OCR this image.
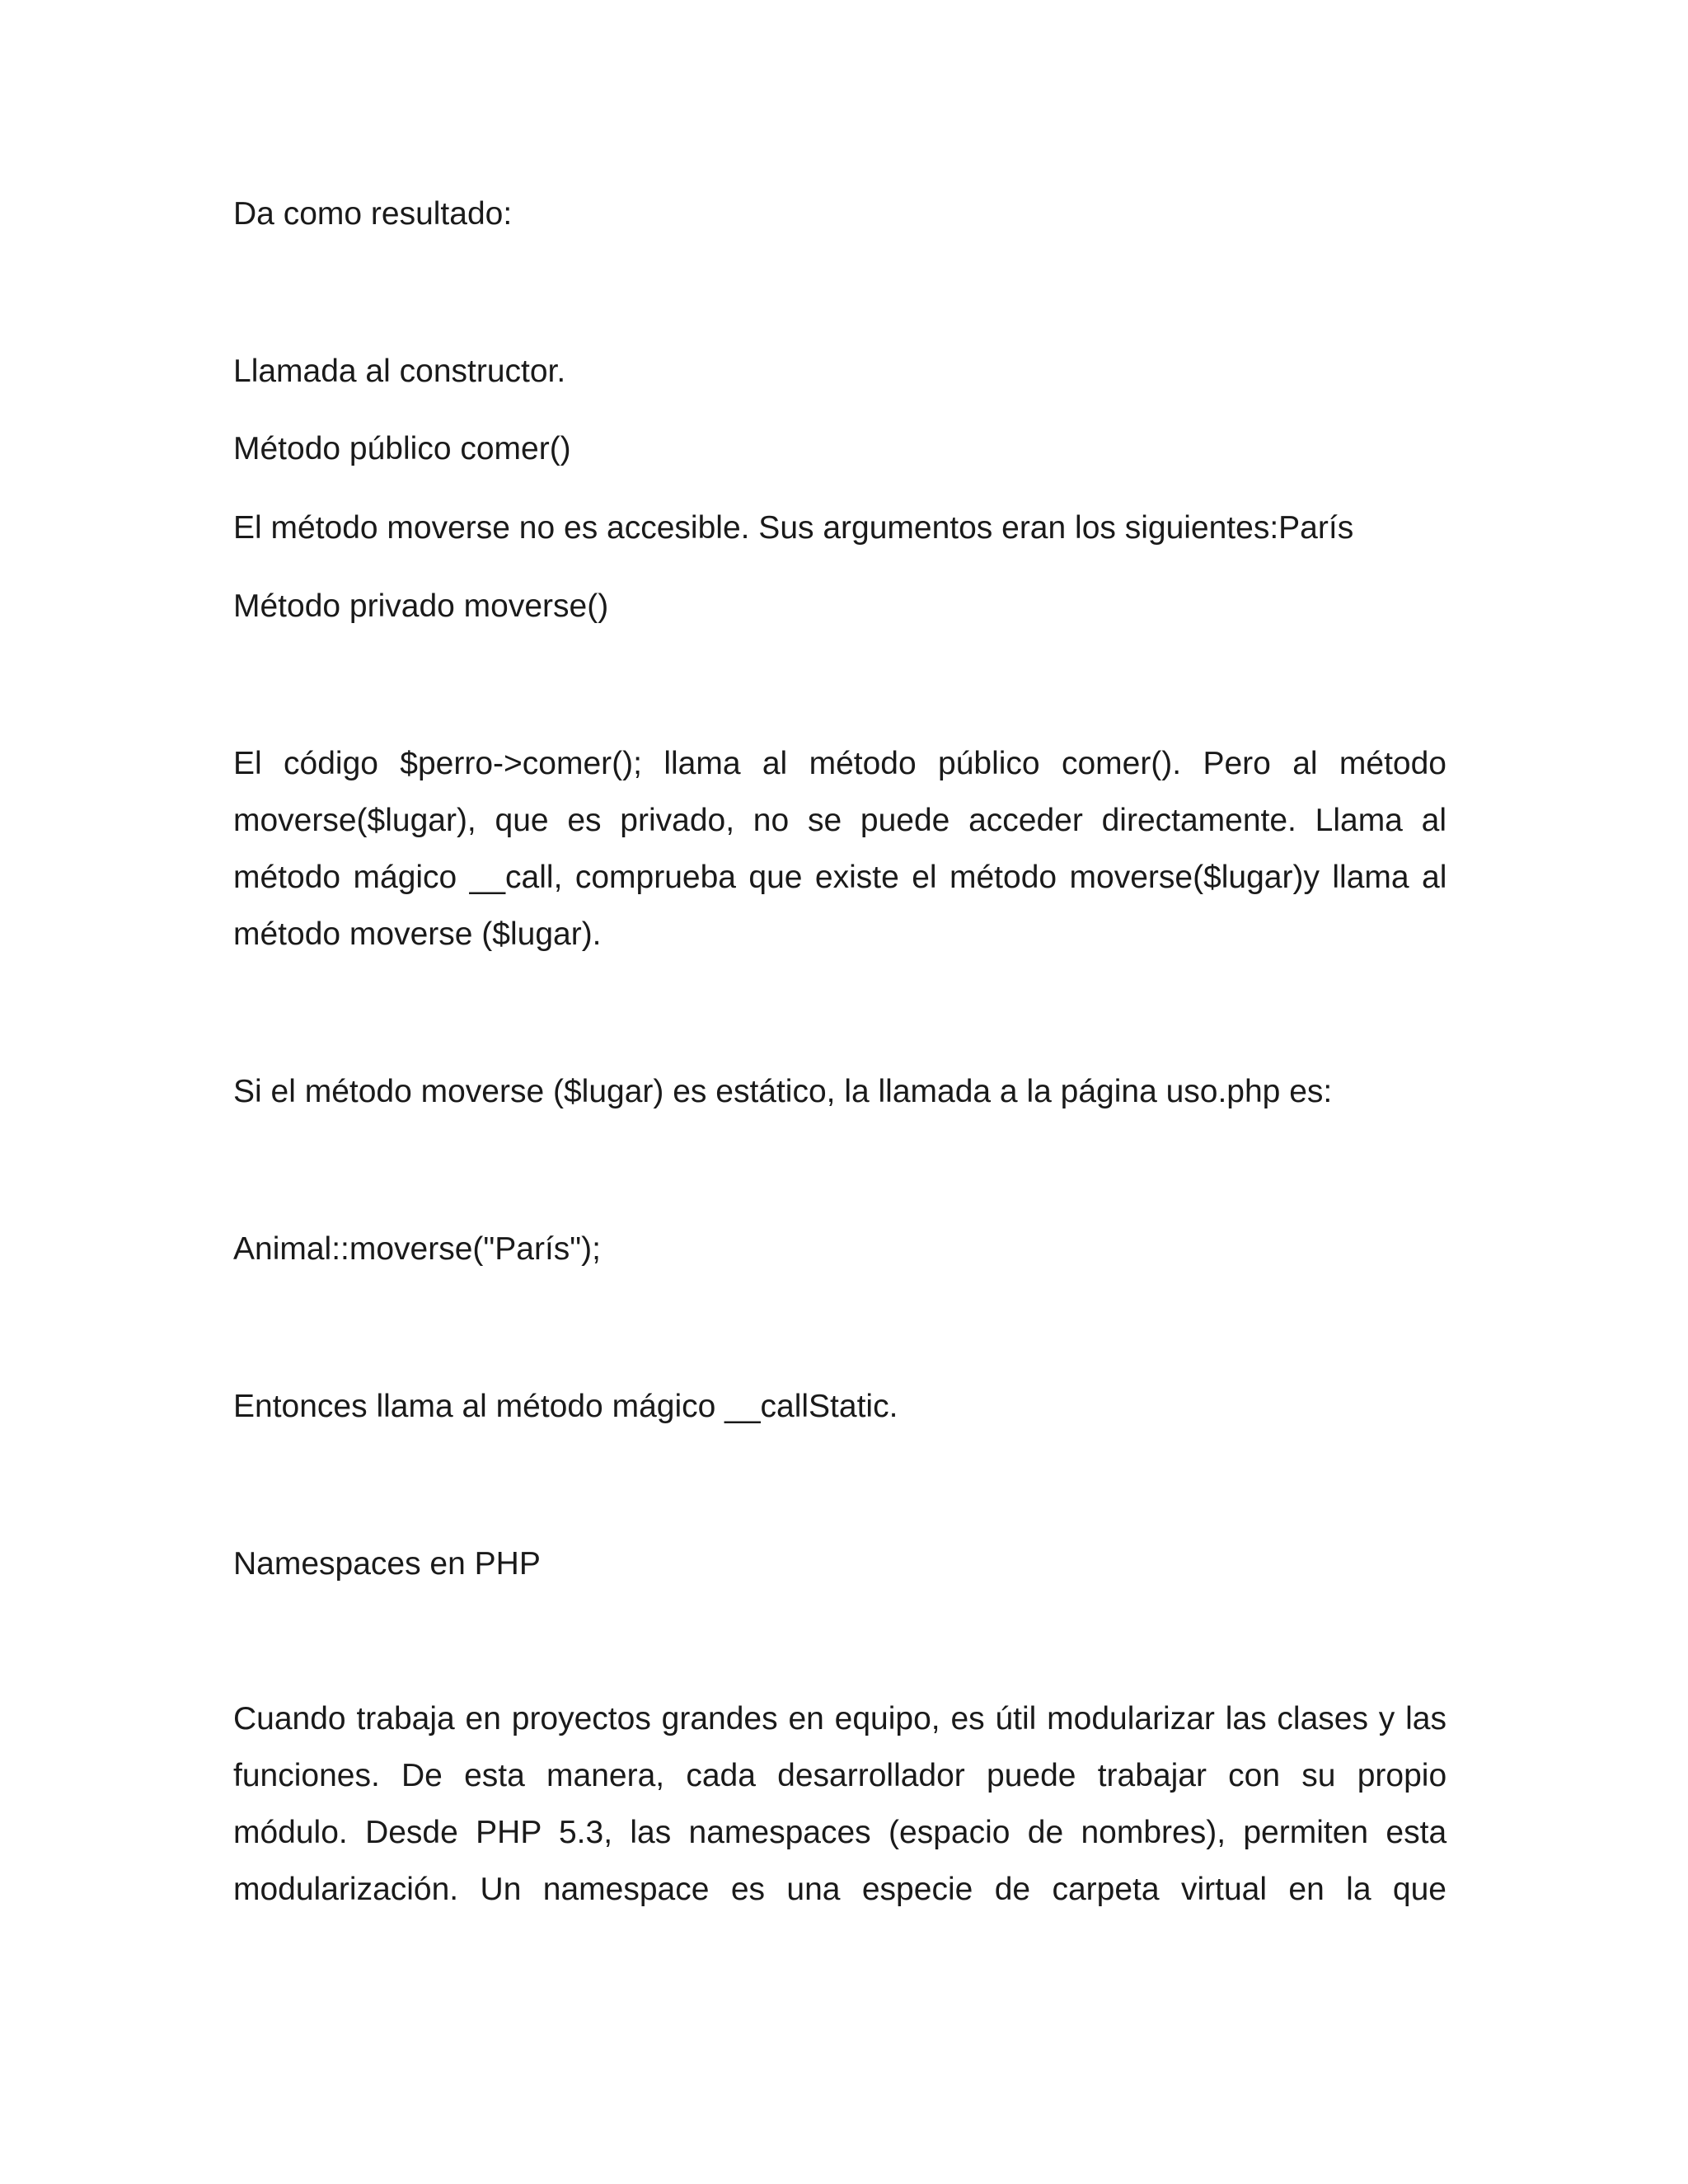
Da como resultado:
Llamada al constructor.
Método público comer()
El método moverse no es accesible. Sus argumentos eran los siguientes:París
Método privado moverse()
El código $perro->comer(); llama al método público comer(). Pero al método
moverse($lugar), que es privado, no se puede acceder directamente. Llama al
método mágico __call, comprueba que existe el método moverse($lugar)y llama al
método moverse ($lugar).
Si el método moverse ($lugar) es estático, la llamada a la página uso.php es:
Animal::moverse("París");
Entonces llama al método mágico __callStatic.
Namespaces en PHP
Cuando trabaja en proyectos grandes en equipo, es útil modularizar las clases y las
funciones. De esta manera, cada desarrollador puede trabajar con su propio
módulo. Desde PHP 5.3, las namespaces (espacio de nombres), permiten esta
modularización. Un namespace es una especie de carpeta virtual en la que
